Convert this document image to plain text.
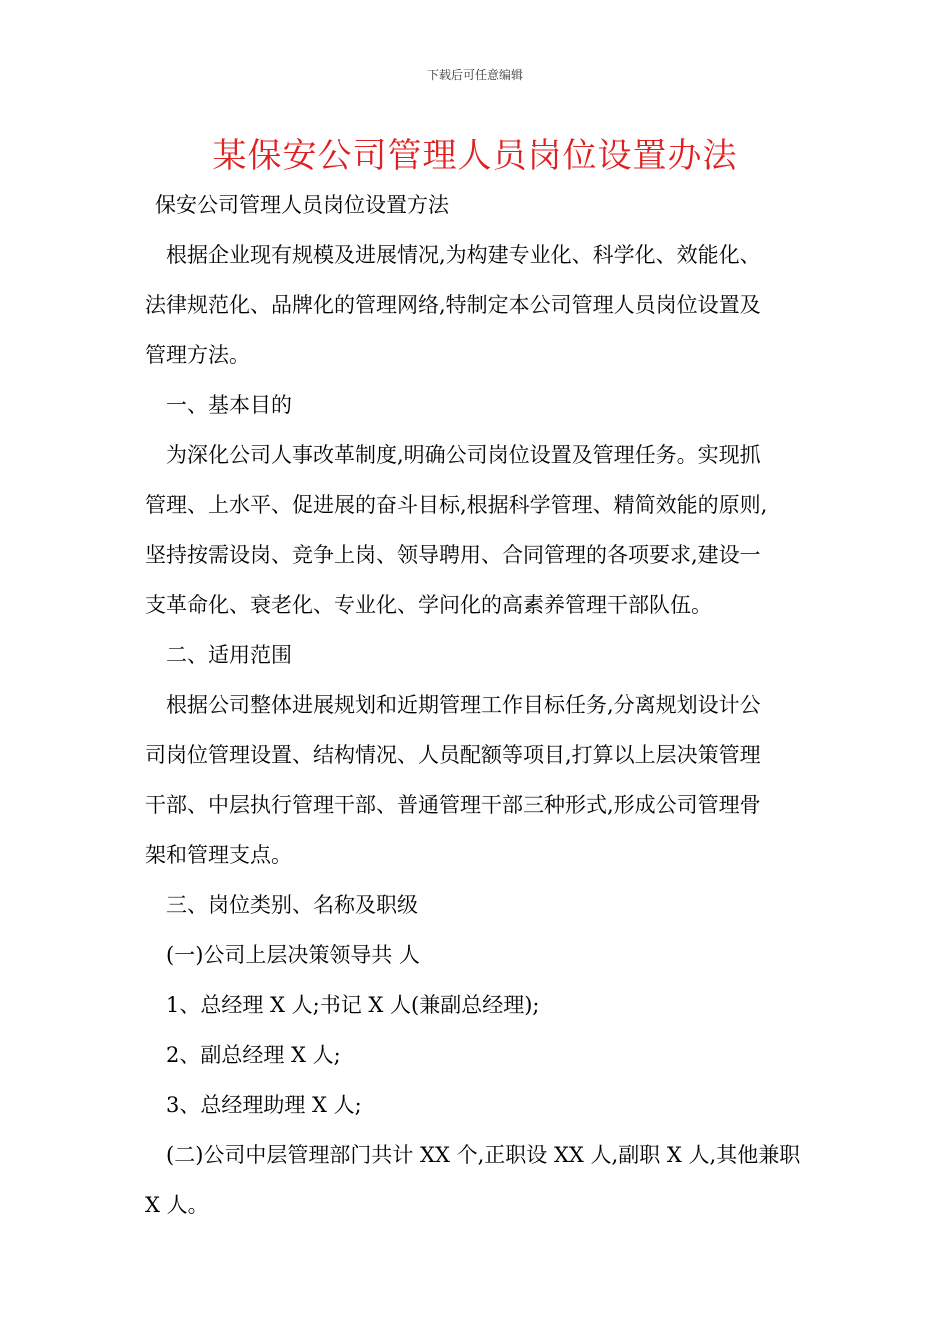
下载后可任意编辑
某保安公司管理人员岗位设置办法

保安公司管理人员岗位设置方法

根据企业现有规模及进展情况,为构建专业化、科学化、效能化、

法律规范化、品牌化的管理网络,特制定本公司管理人员岗位设置及

管理方法。

一、基本目的

为深化公司人事改革制度,明确公司岗位设置及管理任务。实现抓

管理、上水平、促进展的奋斗目标,根据科学管理、精简效能的原则,

坚持按需设岗、竞争上岗、领导聘用、合同管理的各项要求,建设一

支革命化、衰老化、专业化、学问化的高素养管理干部队伍。

二、适用范围

根据公司整体进展规划和近期管理工作目标任务,分离规划设计公

司岗位管理设置、结构情况、人员配额等项目,打算以上层决策管理

干部、中层执行管理干部、普通管理干部三种形式,形成公司管理骨

架和管理支点。

三、岗位类别、名称及职级

(一)公司上层决策领导共 人

1、总经理 X 人;书记 X 人(兼副总经理);

2、副总经理 X 人;

3、总经理助理 X 人;

(二)公司中层管理部门共计 XX 个,正职设 XX 人,副职 X 人,其他兼职

X 人。
